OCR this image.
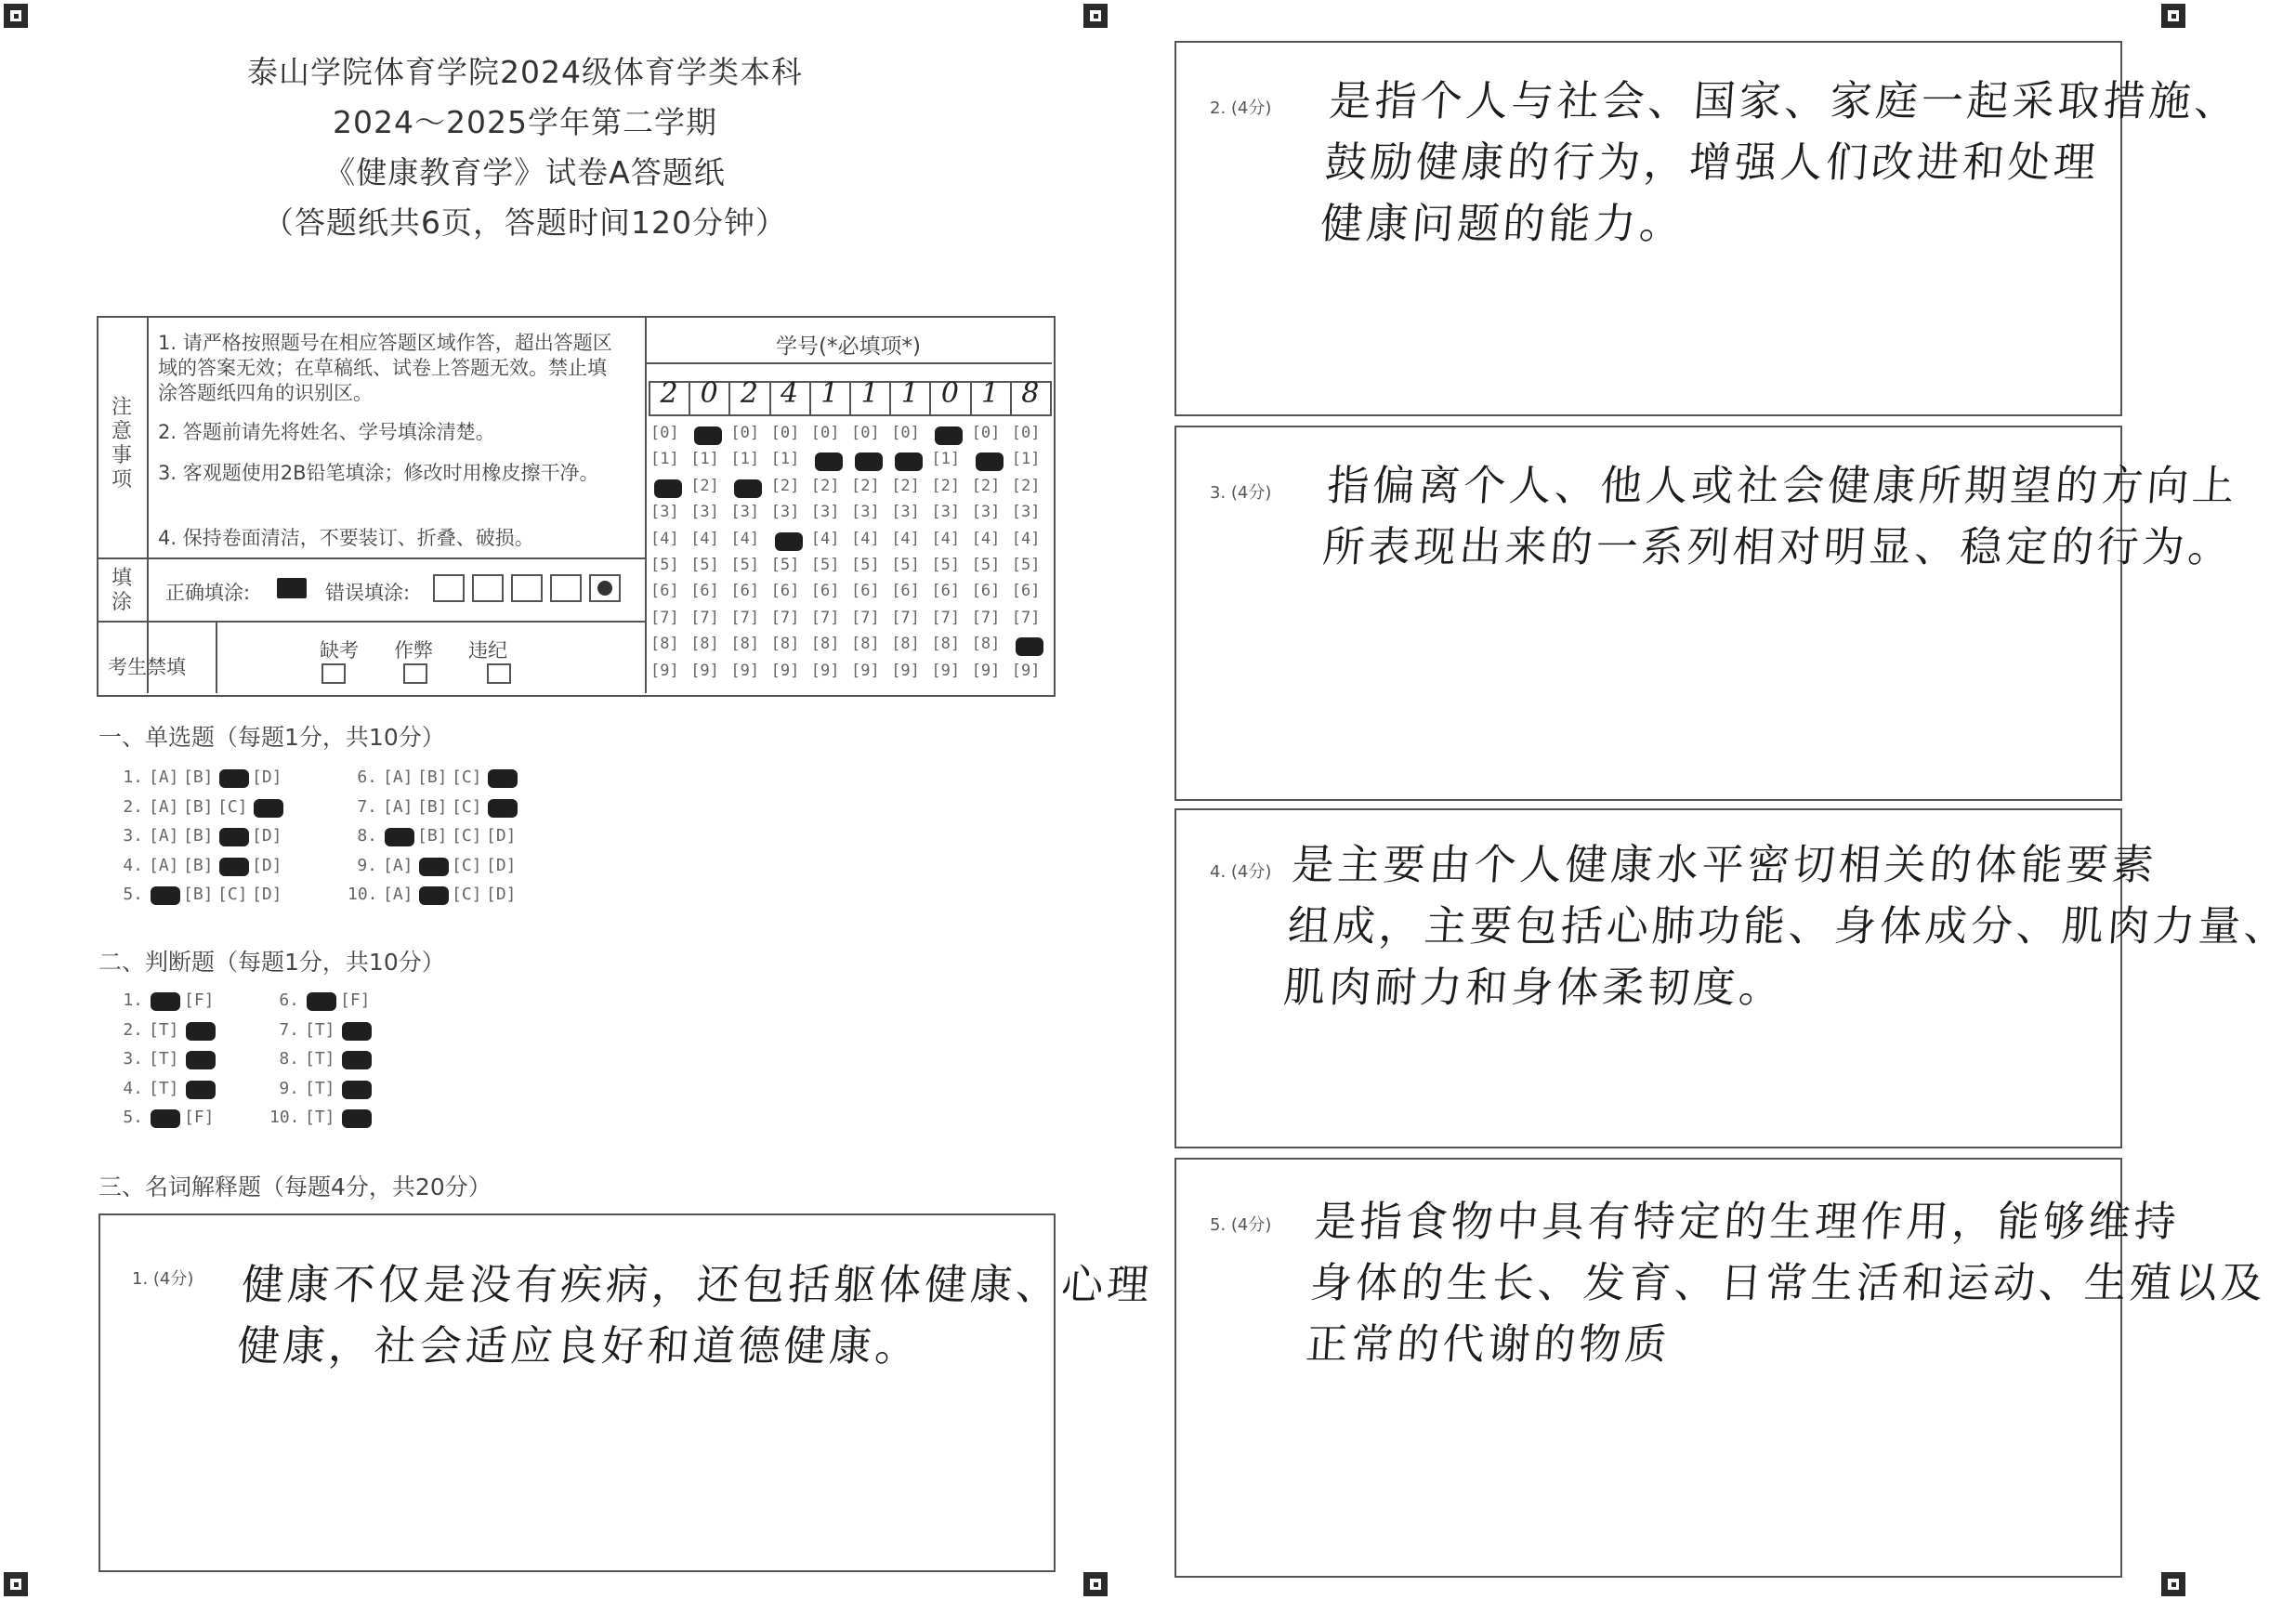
泰山学院体育学院2024级体育学类本科
2024～2025学年第二学期
《健康教育学》试卷A答题纸
（答题纸共6页，答题时间120分钟）
注意事项
1. 请严格按照题号在相应答题区域作答，超出答题区域的答案无效；在草稿纸、试卷上答题无效。禁止填涂答题纸四角的识别区。
2. 答题前请先将姓名、学号填涂清楚。
3. 客观题使用2B铅笔填涂；修改时用橡皮擦干净。
4. 保持卷面清洁，不要装订、折叠、破损。
填涂 正确填涂:	错误填涂:
考生禁填
缺考 作弊 违纪
学号(*必填项*)
2 0 2 4 1 1 1 0 1 8
[0]
[1]
[3]
[4]
[5]
[6]
[7]
[8]
[9]
[1]
[2]
[3]
[4]
[5]
[6]
[7]
[8]
[9]
[0]
[1]
[3]
[4]
[5]
[6]
[7]
[8]
[9]
[0]
[1]
[2]
[3]
[5]
[6]
[7]
[8]
[9]
[0]
[2]
[3]
[4]
[5]
[6]
[7]
[8]
[9]
[0]
[2]
[3]
[4]
[5]
[6]
[7]
[8]
[9]
[0]
[2]
[3]
[4]
[5]
[6]
[7]
[8]
[9]
[1]
[2]
[3]
[4]
[5]
[6]
[7]
[8]
[9]
[0]
[2]
[3]
[4]
[5]
[6]
[7]
[8]
[9]
[0]
[1]
[2]
[3]
[4]
[5]
[6]
[7]
[9]
一、单选题（每题1分，共10分）
1. [A] [B] [D]
2. [A] [B] [C]
3. [A] [B] [D]
4. [A] [B] [D]
5. [B] [C] [D]
6. [A] [B] [C]
7. [A] [B] [C]
8. [B] [C] [D]
9. [A] [C] [D]
10. [A] [C] [D]
二、判断题（每题1分，共10分）
1. [F]
2. [T]
3. [T]
4. [T]
5. [F]
6. [F]
7. [T]
8. [T]
9. [T]
10. [T]
三、名词解释题（每题4分，共20分）
1. (4分) 健康不仅是没有疾病，还包括躯体健康、心理
健康，社会适应良好和道德健康。
2. (4分) 是指个人与社会、国家、家庭一起采取措施、
鼓励健康的行为，增强人们改进和处理
健康问题的能力。
3. (4分) 指偏离个人、他人或社会健康所期望的方向上
所表现出来的一系列相对明显、稳定的行为。
4. (4分) 是主要由个人健康水平密切相关的体能要素
组成，主要包括心肺功能、身体成分、肌肉力量、
肌肉耐力和身体柔韧度。
5. (4分) 是指食物中具有特定的生理作用，能够维持
身体的生长、发育、日常生活和运动、生殖以及
正常的代谢的物质
